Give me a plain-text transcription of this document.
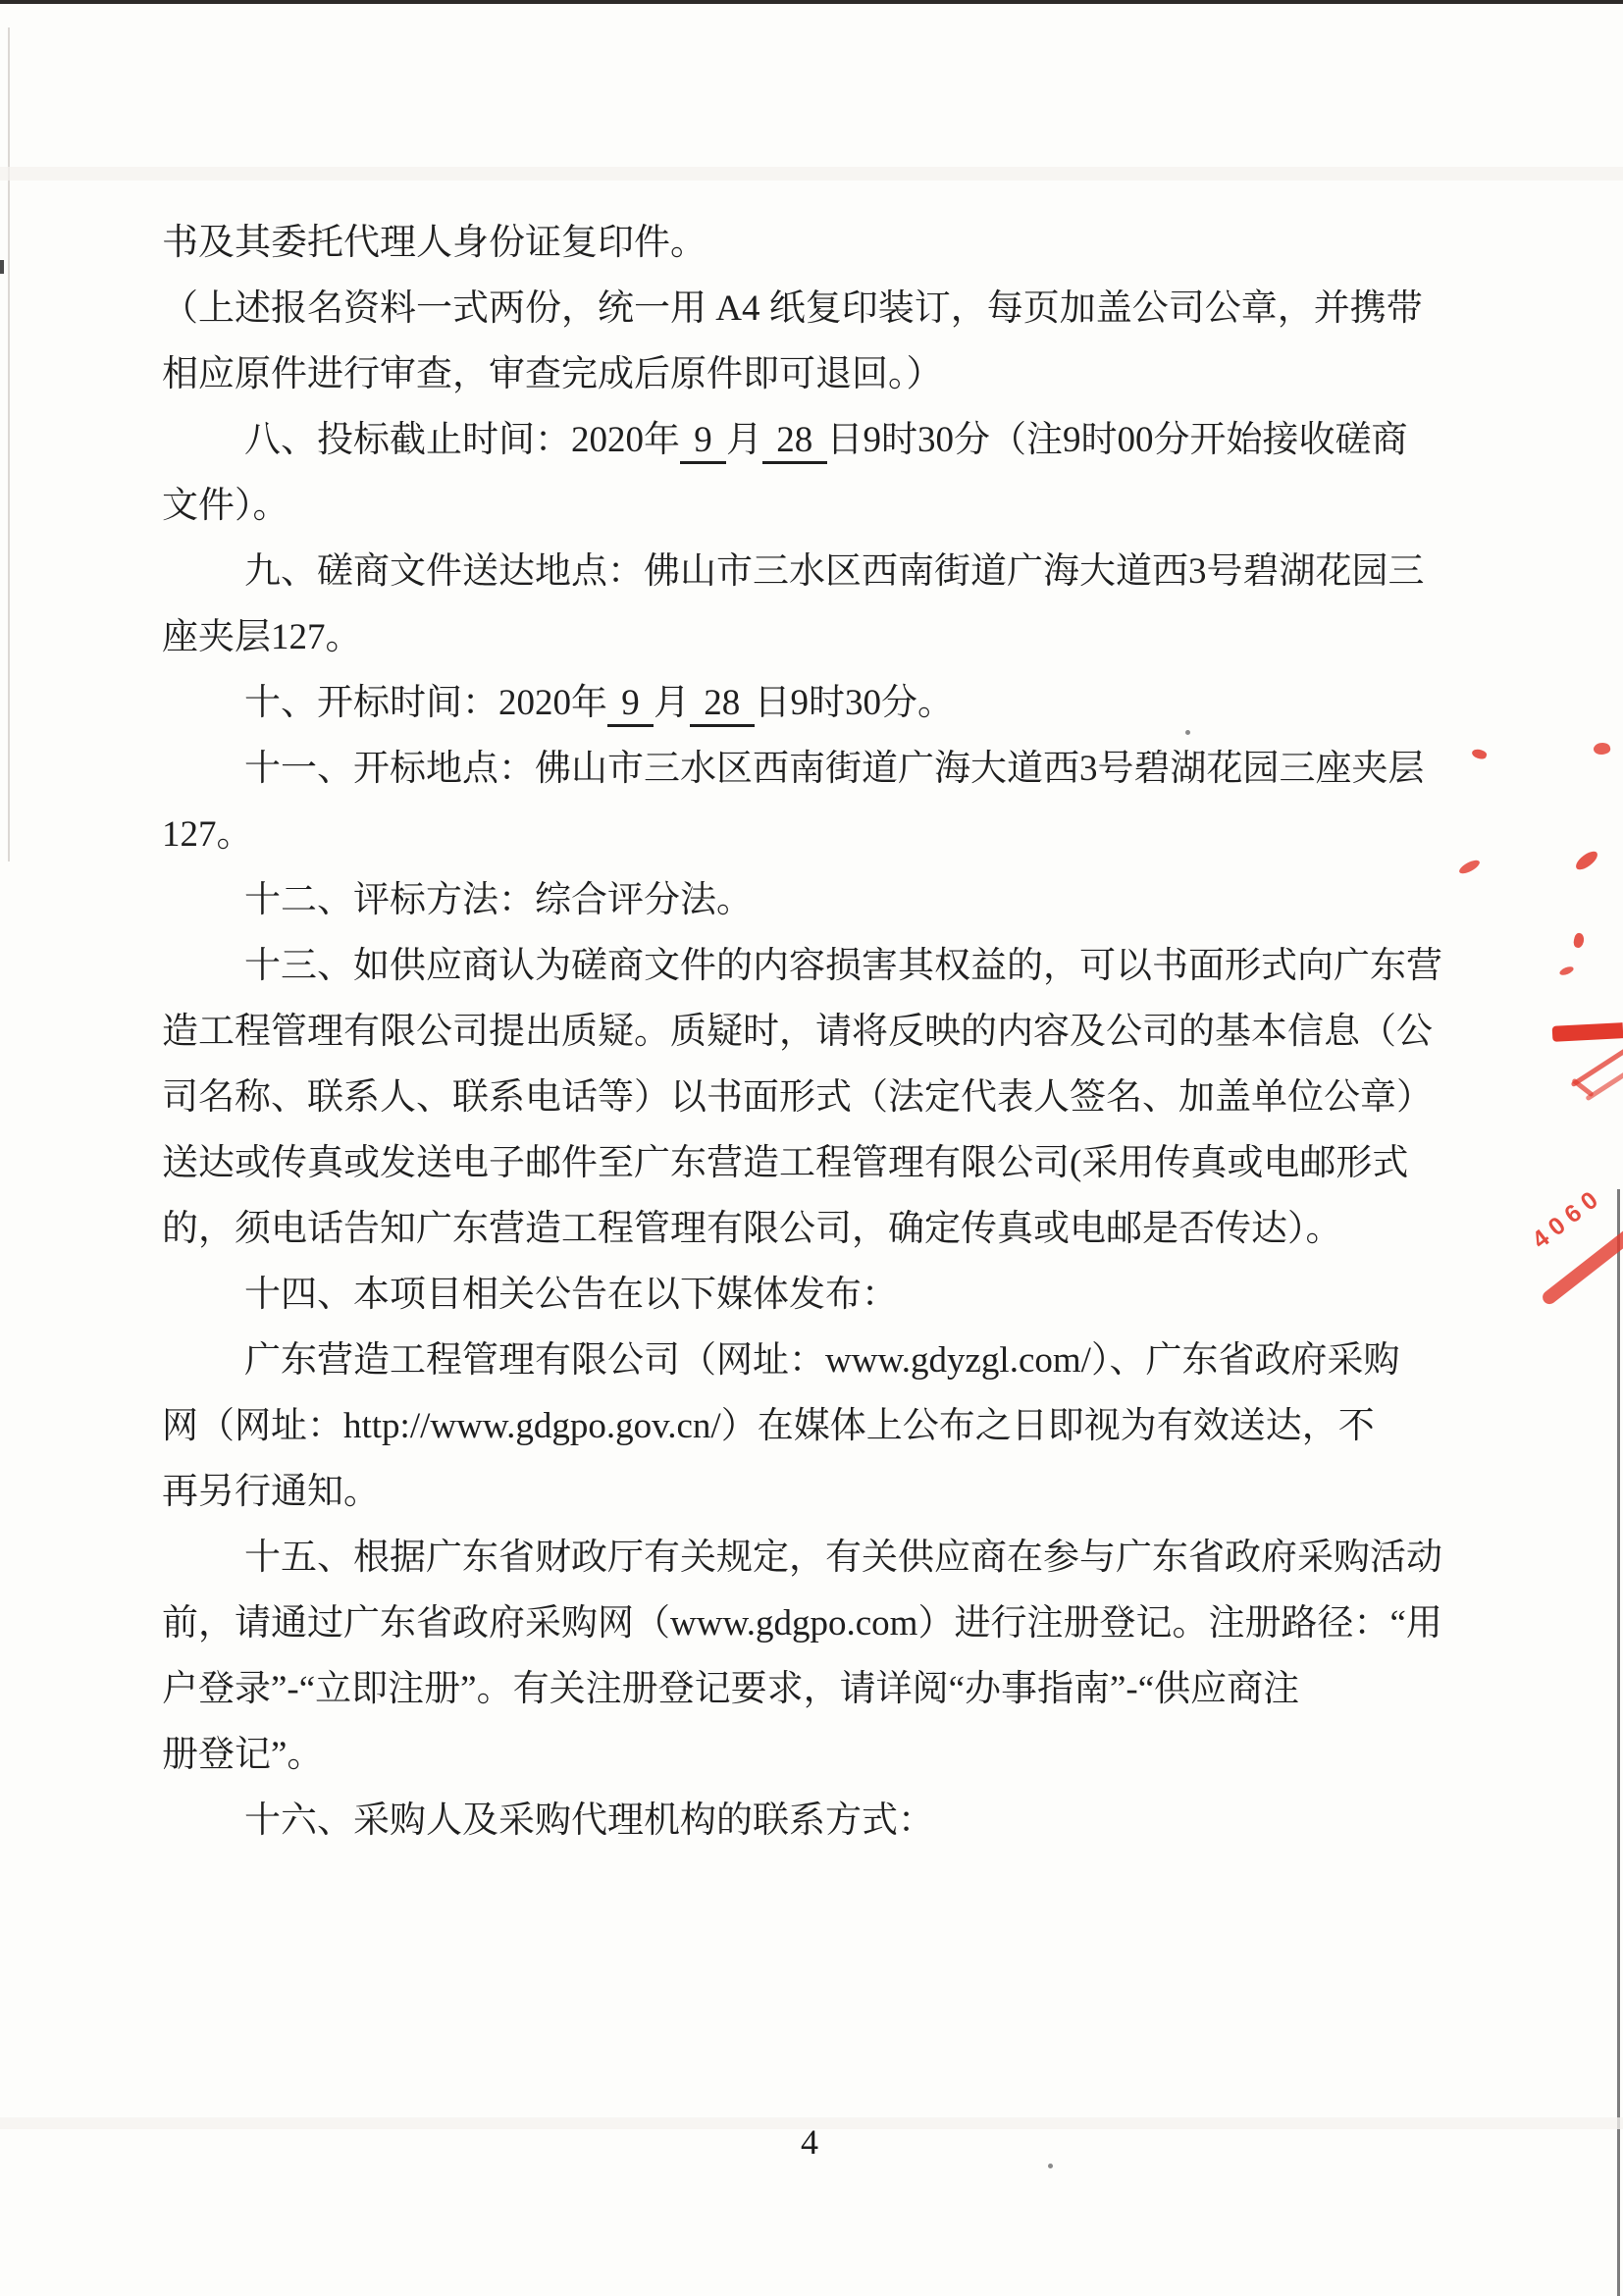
书及其委托代理人身份证复印件。
（上述报名资料一式两份，统一用 A4 纸复印装订，每页加盖公司公章，并携带
相应原件进行审查，审查完成后原件即可退回。）
八、投标截止时间：2020年 9 月 28 日9时30分（注9时00分开始接收磋商
文件）。
九、磋商文件送达地点：佛山市三水区西南街道广海大道西3号碧湖花园三
座夹层127。
十、开标时间：2020年 9 月 28 日9时30分。
十一、开标地点：佛山市三水区西南街道广海大道西3号碧湖花园三座夹层
127。
十二、评标方法：综合评分法。
十三、如供应商认为磋商文件的内容损害其权益的，可以书面形式向广东营
造工程管理有限公司提出质疑。质疑时，请将反映的内容及公司的基本信息（公
司名称、联系人、联系电话等）以书面形式（法定代表人签名、加盖单位公章）
送达或传真或发送电子邮件至广东营造工程管理有限公司(采用传真或电邮形式
的，须电话告知广东营造工程管理有限公司，确定传真或电邮是否传达）。
十四、本项目相关公告在以下媒体发布：
广东营造工程管理有限公司（网址：www.gdyzgl.com/）、广东省政府采购
网（网址：http://www.gdgpo.gov.cn/）在媒体上公布之日即视为有效送达，不
再另行通知。
十五、根据广东省财政厅有关规定，有关供应商在参与广东省政府采购活动
前，请通过广东省政府采购网（www.gdgpo.com）进行注册登记。注册路径：“用
户登录”-“立即注册”。有关注册登记要求，请详阅“办事指南”-“供应商注
册登记”。
十六、采购人及采购代理机构的联系方式：
4
4060
